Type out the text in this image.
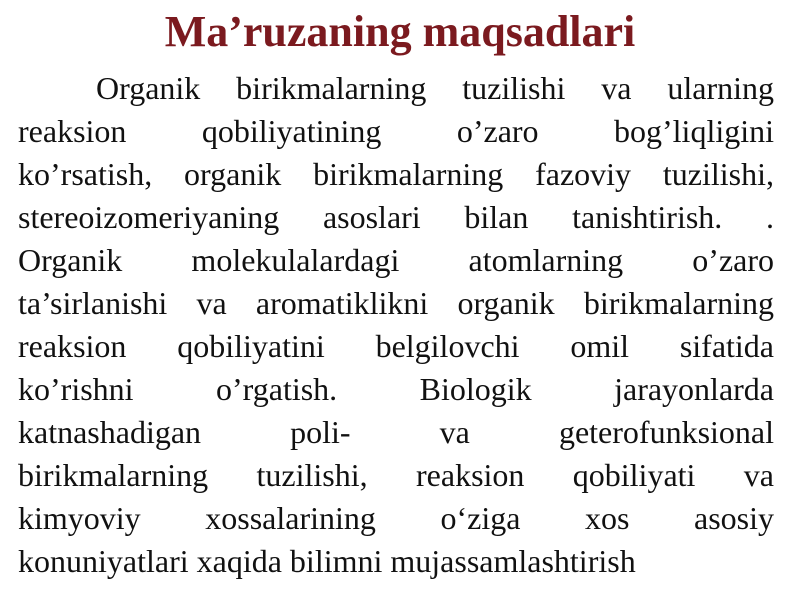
Ma’ruzaning maqsadlari
Organik birikmalarning tuzilishi va ularning
reaksion qobiliyatining o’zaro bog’liqligini
ko’rsatish, organik birikmalarning fazoviy tuzilishi,
stereoizomeriyaning asoslari bilan tanishtirish. .
Organik molekulalardagi atomlarning o’zaro
ta’sirlanishi va aromatiklikni organik birikmalarning
reaksion qobiliyatini belgilovchi omil sifatida
ko’rishni o’rgatish. Biologik jarayonlarda
katnashadigan poli- va geterofunksional
birikmalarning tuzilishi, reaksion qobiliyati va
kimyoviy xossalarining o‘ziga xos asosiy
konuniyatlari xaqida bilimni mujassamlashtirish
